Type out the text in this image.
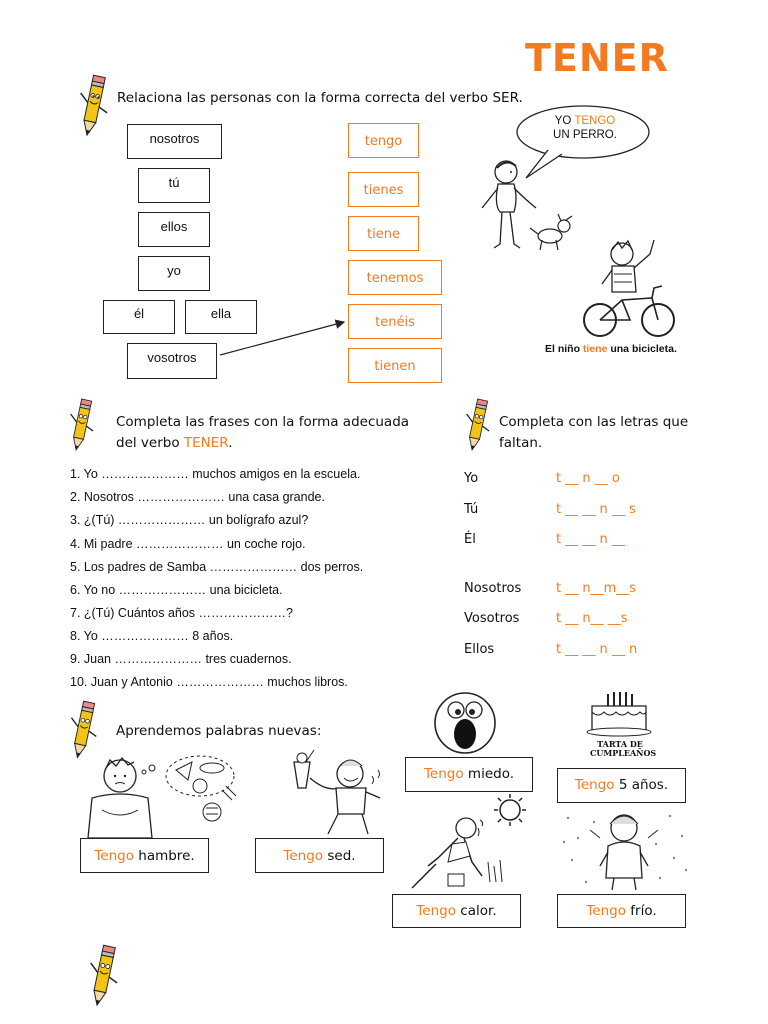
TENER
Relaciona las personas con la forma correcta del verbo SER.
nosotros
tú
ellos
yo
él	ella
vosotros
tengo
tienes
tiene
tenemos
tenéis
tienen
YO TENGO
UN PERRO.
El niño tiene una bicicleta.
Completa las frases con la forma adecuada
del verbo TENER.
1. Yo ………………… muchos amigos en la escuela.
2. Nosotros ………………… una casa grande.
3. ¿(Tú) ………………… un bolígrafo azul?
4. Mi padre ………………… un coche rojo.
5. Los padres de Samba ………………… dos perros.
6. Yo no ………………… una bicicleta.
7. ¿(Tú) Cuántos años …………………?
8. Yo ………………… 8 años.
9. Juan ………………… tres cuadernos.
10. Juan y Antonio ………………… muchos libros.
Completa con las letras que
faltan.
Yo	t __ n __ o
Tú	t __ __ n __ s
Él	t __ __ n __
Nosotros	t __ n__m__s
Vosotros	t __ n__ __s
Ellos	t __ __ n __ n
Aprendemos palabras nuevas:
Tengo hambre.	Tengo sed.
Tengo miedo.
TARTA DE
CUMPLEAÑOS
Tengo 5 años.
Tengo calor.	Tengo frío.
